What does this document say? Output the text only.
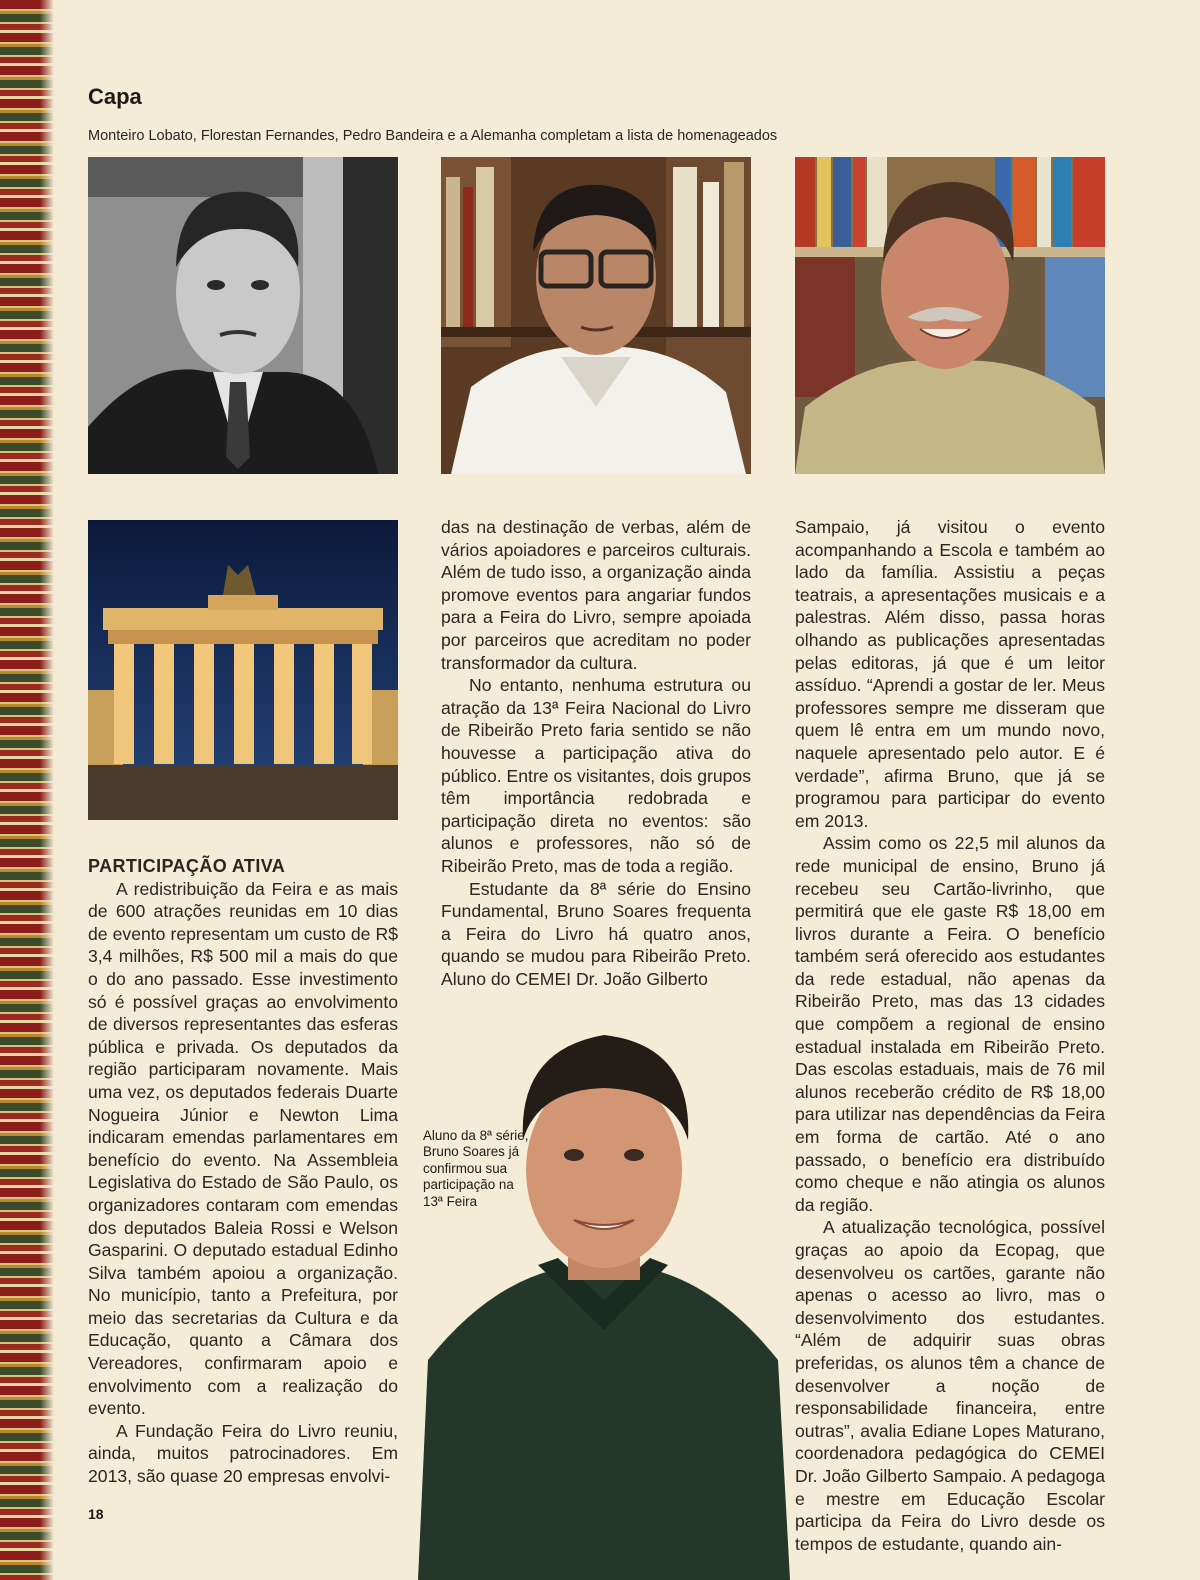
Capa
Monteiro Lobato, Florestan Fernandes, Pedro Bandeira e a Alemanha completam a lista de homenageados

PARTICIPAÇÃO ATIVA

A redistribuição da Feira e as mais de 600 atrações reunidas em 10 dias de evento representam um custo de R$ 3,4 milhões, R$ 500 mil a mais do que o do ano passado. Esse investimento só é possível graças ao envolvimento de diversos representantes das esferas pública e privada. Os deputados da região participaram novamente. Mais uma vez, os deputados federais Duarte Nogueira Júnior e Newton Lima indicaram emendas parlamentares em benefício do evento. Na Assembleia Legislativa do Estado de São Paulo, os organizadores contaram com emendas dos deputados Baleia Rossi e Welson Gasparini. O deputado estadual Edinho Silva também apoiou a organização. No município, tanto a Prefeitura, por meio das secretarias da Cultura e da Educação, quanto a Câmara dos Vereadores, confirmaram apoio e envolvimento com a realização do evento.

A Fundação Feira do Livro reuniu, ainda, muitos patrocinadores. Em 2013, são quase 20 empresas envolvi-

das na destinação de verbas, além de vários apoiadores e parceiros culturais. Além de tudo isso, a organização ainda promove eventos para angariar fundos para a Feira do Livro, sempre apoiada por parceiros que acreditam no poder transformador da cultura.

No entanto, nenhuma estrutura ou atração da 13ª Feira Nacional do Livro de Ribeirão Preto faria sentido se não houvesse a participação ativa do público. Entre os visitantes, dois grupos têm importância redobrada e participação direta no eventos: são alunos e professores, não só de Ribeirão Preto, mas de toda a região.

Estudante da 8ª série do Ensino Fundamental, Bruno Soares frequenta a Feira do Livro há quatro anos, quando se mudou para Ribeirão Preto. Aluno do CEMEI Dr. João Gilberto

Sampaio, já visitou o evento acompanhando a Escola e também ao lado da família. Assistiu a peças teatrais, a apresentações musicais e a palestras. Além disso, passa horas olhando as publicações apresentadas pelas editoras, já que é um leitor assíduo. “Aprendi a gostar de ler. Meus professores sempre me disseram que quem lê entra em um mundo novo, naquele apresentado pelo autor. E é verdade”, afirma Bruno, que já se programou para participar do evento em 2013.

Assim como os 22,5 mil alunos da rede municipal de ensino, Bruno já recebeu seu Cartão-livrinho, que permitirá que ele gaste R$ 18,00 em livros durante a Feira. O benefício também será oferecido aos estudantes da rede estadual, não apenas da Ribeirão Preto, mas das 13 cidades que compõem a regional de ensino estadual instalada em Ribeirão Preto. Das escolas estaduais, mais de 76 mil alunos receberão crédito de R$ 18,00 para utilizar nas dependências da Feira em forma de cartão. Até o ano passado, o benefício era distribuído como cheque e não atingia os alunos da região.

A atualização tecnológica, possível graças ao apoio da Ecopag, que desenvolveu os cartões, garante não apenas o acesso ao livro, mas o desenvolvimento dos estudantes. “Além de adquirir suas obras preferidas, os alunos têm a chance de desenvolver a noção de responsabilidade financeira, entre outras”, avalia Ediane Lopes Maturano, coordenadora pedagógica do CEMEI Dr. João Gilberto Sampaio. A pedagoga e mestre em Educação Escolar participa da Feira do Livro desde os tempos de estudante, quando ain-

Aluno da 8ª série, Bruno Soares já confirmou sua participação na 13ª Feira
18
